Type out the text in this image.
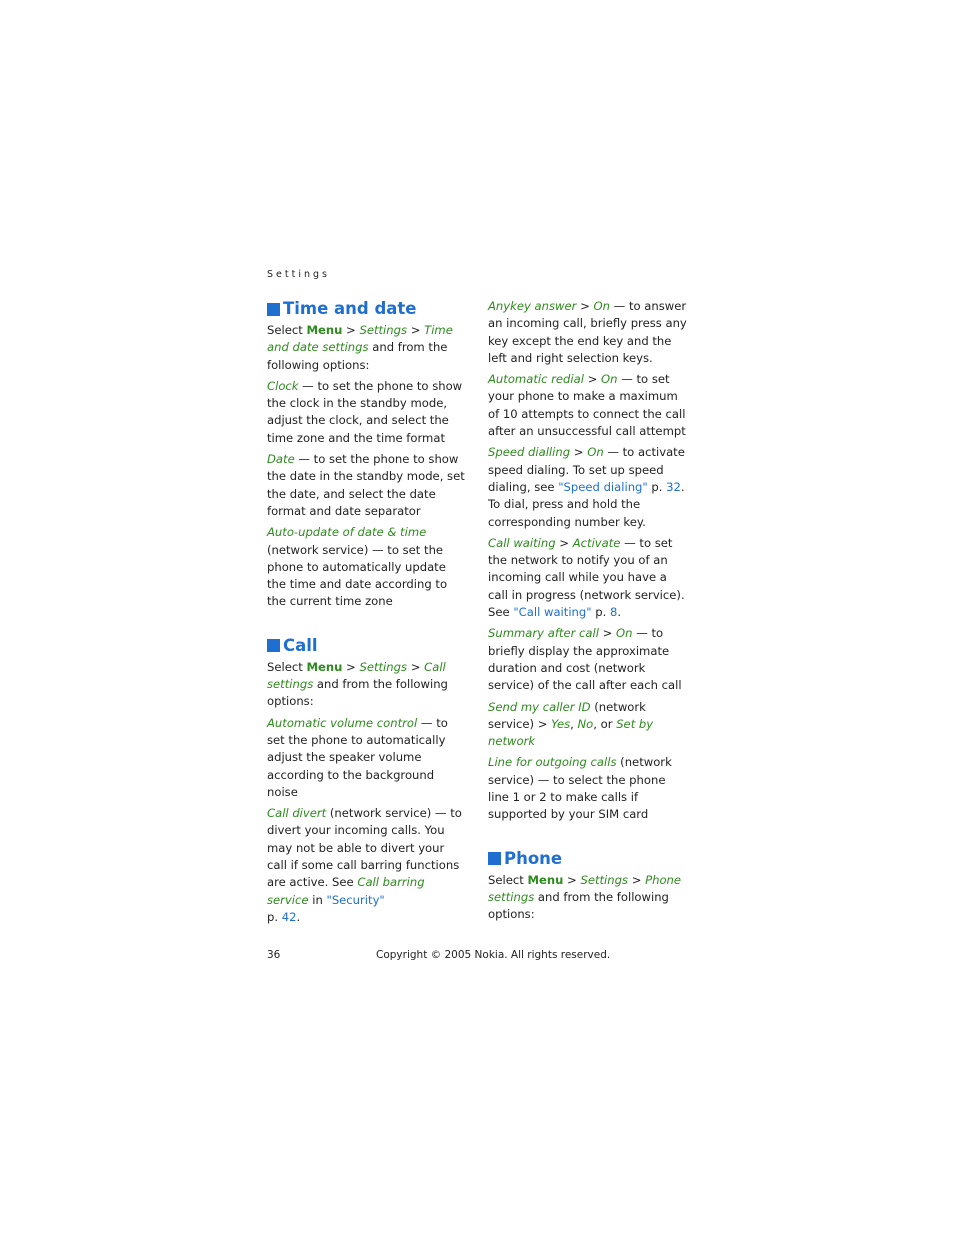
Settings
Time and date

Select Menu > Settings > Time and date settings and from the following options:

Clock — to set the phone to show the clock in the standby mode, adjust the clock, and select the time zone and the time format

Date — to set the phone to show the date in the standby mode, set the date, and select the date format and date separator

Auto-update of date & time
(network service) — to set the phone to automatically update the time and date according to the current time zone

Call

Select Menu > Settings > Call settings and from the following options:

Automatic volume control — to set the phone to automatically adjust the speaker volume according to the background noise

Call divert (network service) — to divert your incoming calls. You may not be able to divert your call if some call barring functions are active. See Call barring service in "Security"
p. 42.

Anykey answer > On — to answer an incoming call, briefly press any key except the end key and the left and right selection keys.

Automatic redial > On — to set your phone to make a maximum of 10 attempts to connect the call after an unsuccessful call attempt

Speed dialling > On — to activate speed dialing. To set up speed dialing, see "Speed dialing" p. 32. To dial, press and hold the corresponding number key.

Call waiting > Activate — to set the network to notify you of an incoming call while you have a call in progress (network service). See "Call waiting" p. 8.

Summary after call > On — to briefly display the approximate duration and cost (network service) of the call after each call

Send my caller ID (network service) > Yes, No, or Set by network

Line for outgoing calls (network service) — to select the phone line 1 or 2 to make calls if supported by your SIM card

Phone

Select Menu > Settings > Phone settings and from the following options:

36	Copyright © 2005 Nokia. All rights reserved.
